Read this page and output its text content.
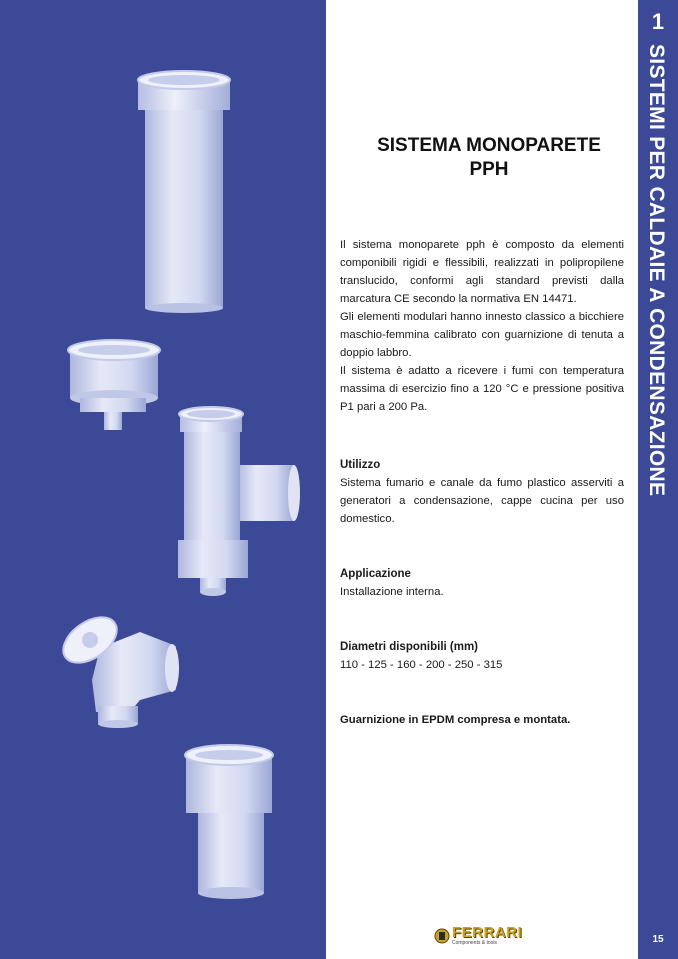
SISTEMA MONOPARETE
PPH

Il sistema monoparete pph è composto da elementi componibili rigidi e flessibili, realizzati in polipropilene translucido, conformi agli standard previsti dalla marcatura CE secondo la normativa EN 14471.

Gli elementi modulari hanno innesto classico a bicchiere maschio-femmina calibrato con guarnizione di tenuta a doppio labbro.

Il sistema è adatto a ricevere i fumi con temperatura massima di esercizio fino a 120 °C e pressione positiva P1 pari a 200 Pa.

Utilizzo

Sistema fumario e canale da fumo plastico asserviti a generatori a condensazione, cappe cucina per uso domestico.

Applicazione

Installazione interna.

Diametri disponibili (mm)

110 - 125 - 160 - 200 - 250 - 315

Guarnizione in EPDM compresa e montata.

FERRARI
Components & tools
1
SISTEMI PER CALDAIE A CONDENSAZIONE
15
